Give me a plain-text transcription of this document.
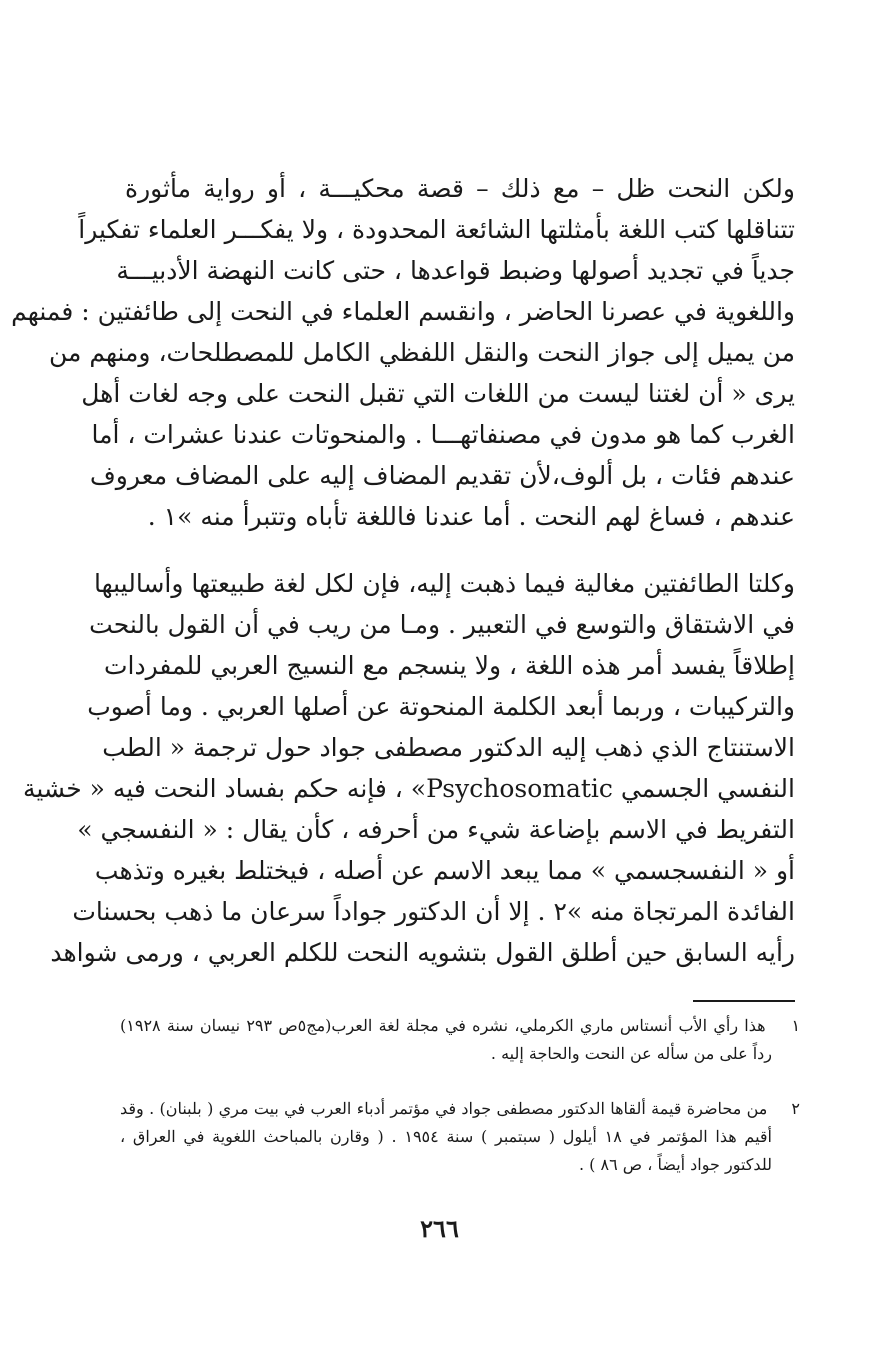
ولكن النحت ظل – مع ذلك – قصة محكيـــة ، أو رواية مأثورة
تتناقلها كتب اللغة بأمثلتها الشائعة المحدودة ، ولا يفكـــر العلماء تفكيراً
جدياً في تجديد أصولها وضبط قواعدها ، حتى كانت النهضة الأدبيـــة
واللغوية في عصرنا الحاضر ، وانقسم العلماء في النحت إلى طائفتين : فمنهم
من يميل إلى جواز النحت والنقل اللفظي الكامل للمصطلحات، ومنهم من
يرى « أن لغتنا ليست من اللغات التي تقبل النحت على وجه لغات أهل
الغرب كما هو مدون في مصنفاتهـــا . والمنحوتات عندنا عشرات ، أما
عندهم فئات ، بل ألوف،لأن تقديم المضاف إليه على المضاف معروف
عندهم ، فساغ لهم النحت . أما عندنا فاللغة تأباه وتتبرأ منه »١ .
وكلتا الطائفتين مغالية فيما ذهبت إليه، فإن لكل لغة طبيعتها وأساليبها
في الاشتقاق والتوسع في التعبير . ومـا من ريب في أن القول بالنحت
إطلاقاً يفسد أمر هذه اللغة ، ولا ينسجم مع النسيج العربي للمفردات
والتركيبات ، وربما أبعد الكلمة المنحوتة عن أصلها العربي . وما أصوب
الاستنتاج الذي ذهب إليه الدكتور مصطفى جواد حول ترجمة « الطب
النفسي الجسمي Psychosomatic» ، فإنه حكم بفساد النحت فيه « خشية
التفريط في الاسم بإضاعة شيء من أحرفه ، كأن يقال : « النفسجي »
أو « النفسجسمي » مما يبعد الاسم عن أصله ، فيختلط بغيره وتذهب
الفائدة المرتجاة منه »٢ . إلا أن الدكتور جواداً سرعان ما ذهب بحسنات
رأيه السابق حين أطلق القول بتشويه النحت للكلم العربي ، ورمى شواهد
١  هذا رأي الأب أنستاس ماري الكرملي، نشره في مجلة لغة العرب(مج٥ص ٢٩٣ نيسان سنة ١٩٢٨)
رداً على من سأله عن النحت والحاجة إليه .
٢  من محاضرة قيمة ألقاها الدكتور مصطفى جواد في مؤتمر أدباء العرب في بيت مري ( بلبنان) . وقد
أقيم هذا المؤتمر في ١٨ أيلول ( سبتمبر ) سنة ١٩٥٤ . ( وقارن بالمباحث اللغوية في العراق ،
للدكتور جواد أيضاً ، ص ٨٦ ) .
٢٦٦
